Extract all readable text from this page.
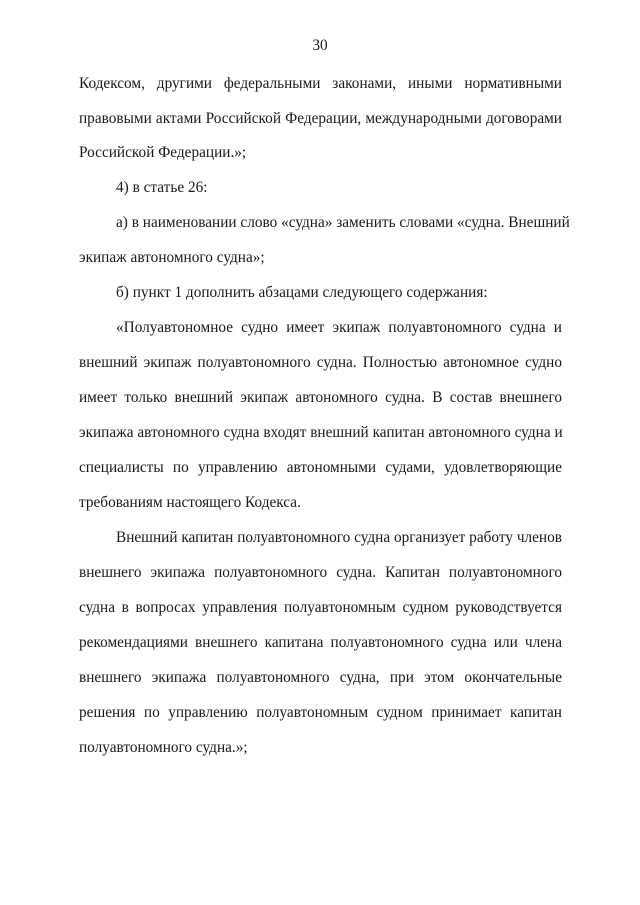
30
Кодексом, другими федеральными законами, иными нормативными
правовыми актами Российской Федерации, международными договорами
Российской Федерации.»;
4) в статье 26:
а) в наименовании слово «судна» заменить словами «судна. Внешний
экипаж автономного судна»;
б) пункт 1 дополнить абзацами следующего содержания:
«Полуавтономное судно имеет экипаж полуавтономного судна и
внешний экипаж полуавтономного судна. Полностью автономное судно
имеет только внешний экипаж автономного судна. В состав внешнего
экипажа автономного судна входят внешний капитан автономного судна и
специалисты по управлению автономными судами, удовлетворяющие
требованиям настоящего Кодекса.
Внешний капитан полуавтономного судна организует работу членов
внешнего экипажа полуавтономного судна. Капитан полуавтономного
судна в вопросах управления полуавтономным судном руководствуется
рекомендациями внешнего капитана полуавтономного судна или члена
внешнего экипажа полуавтономного судна, при этом окончательные
решения по управлению полуавтономным судном принимает капитан
полуавтономного судна.»;
